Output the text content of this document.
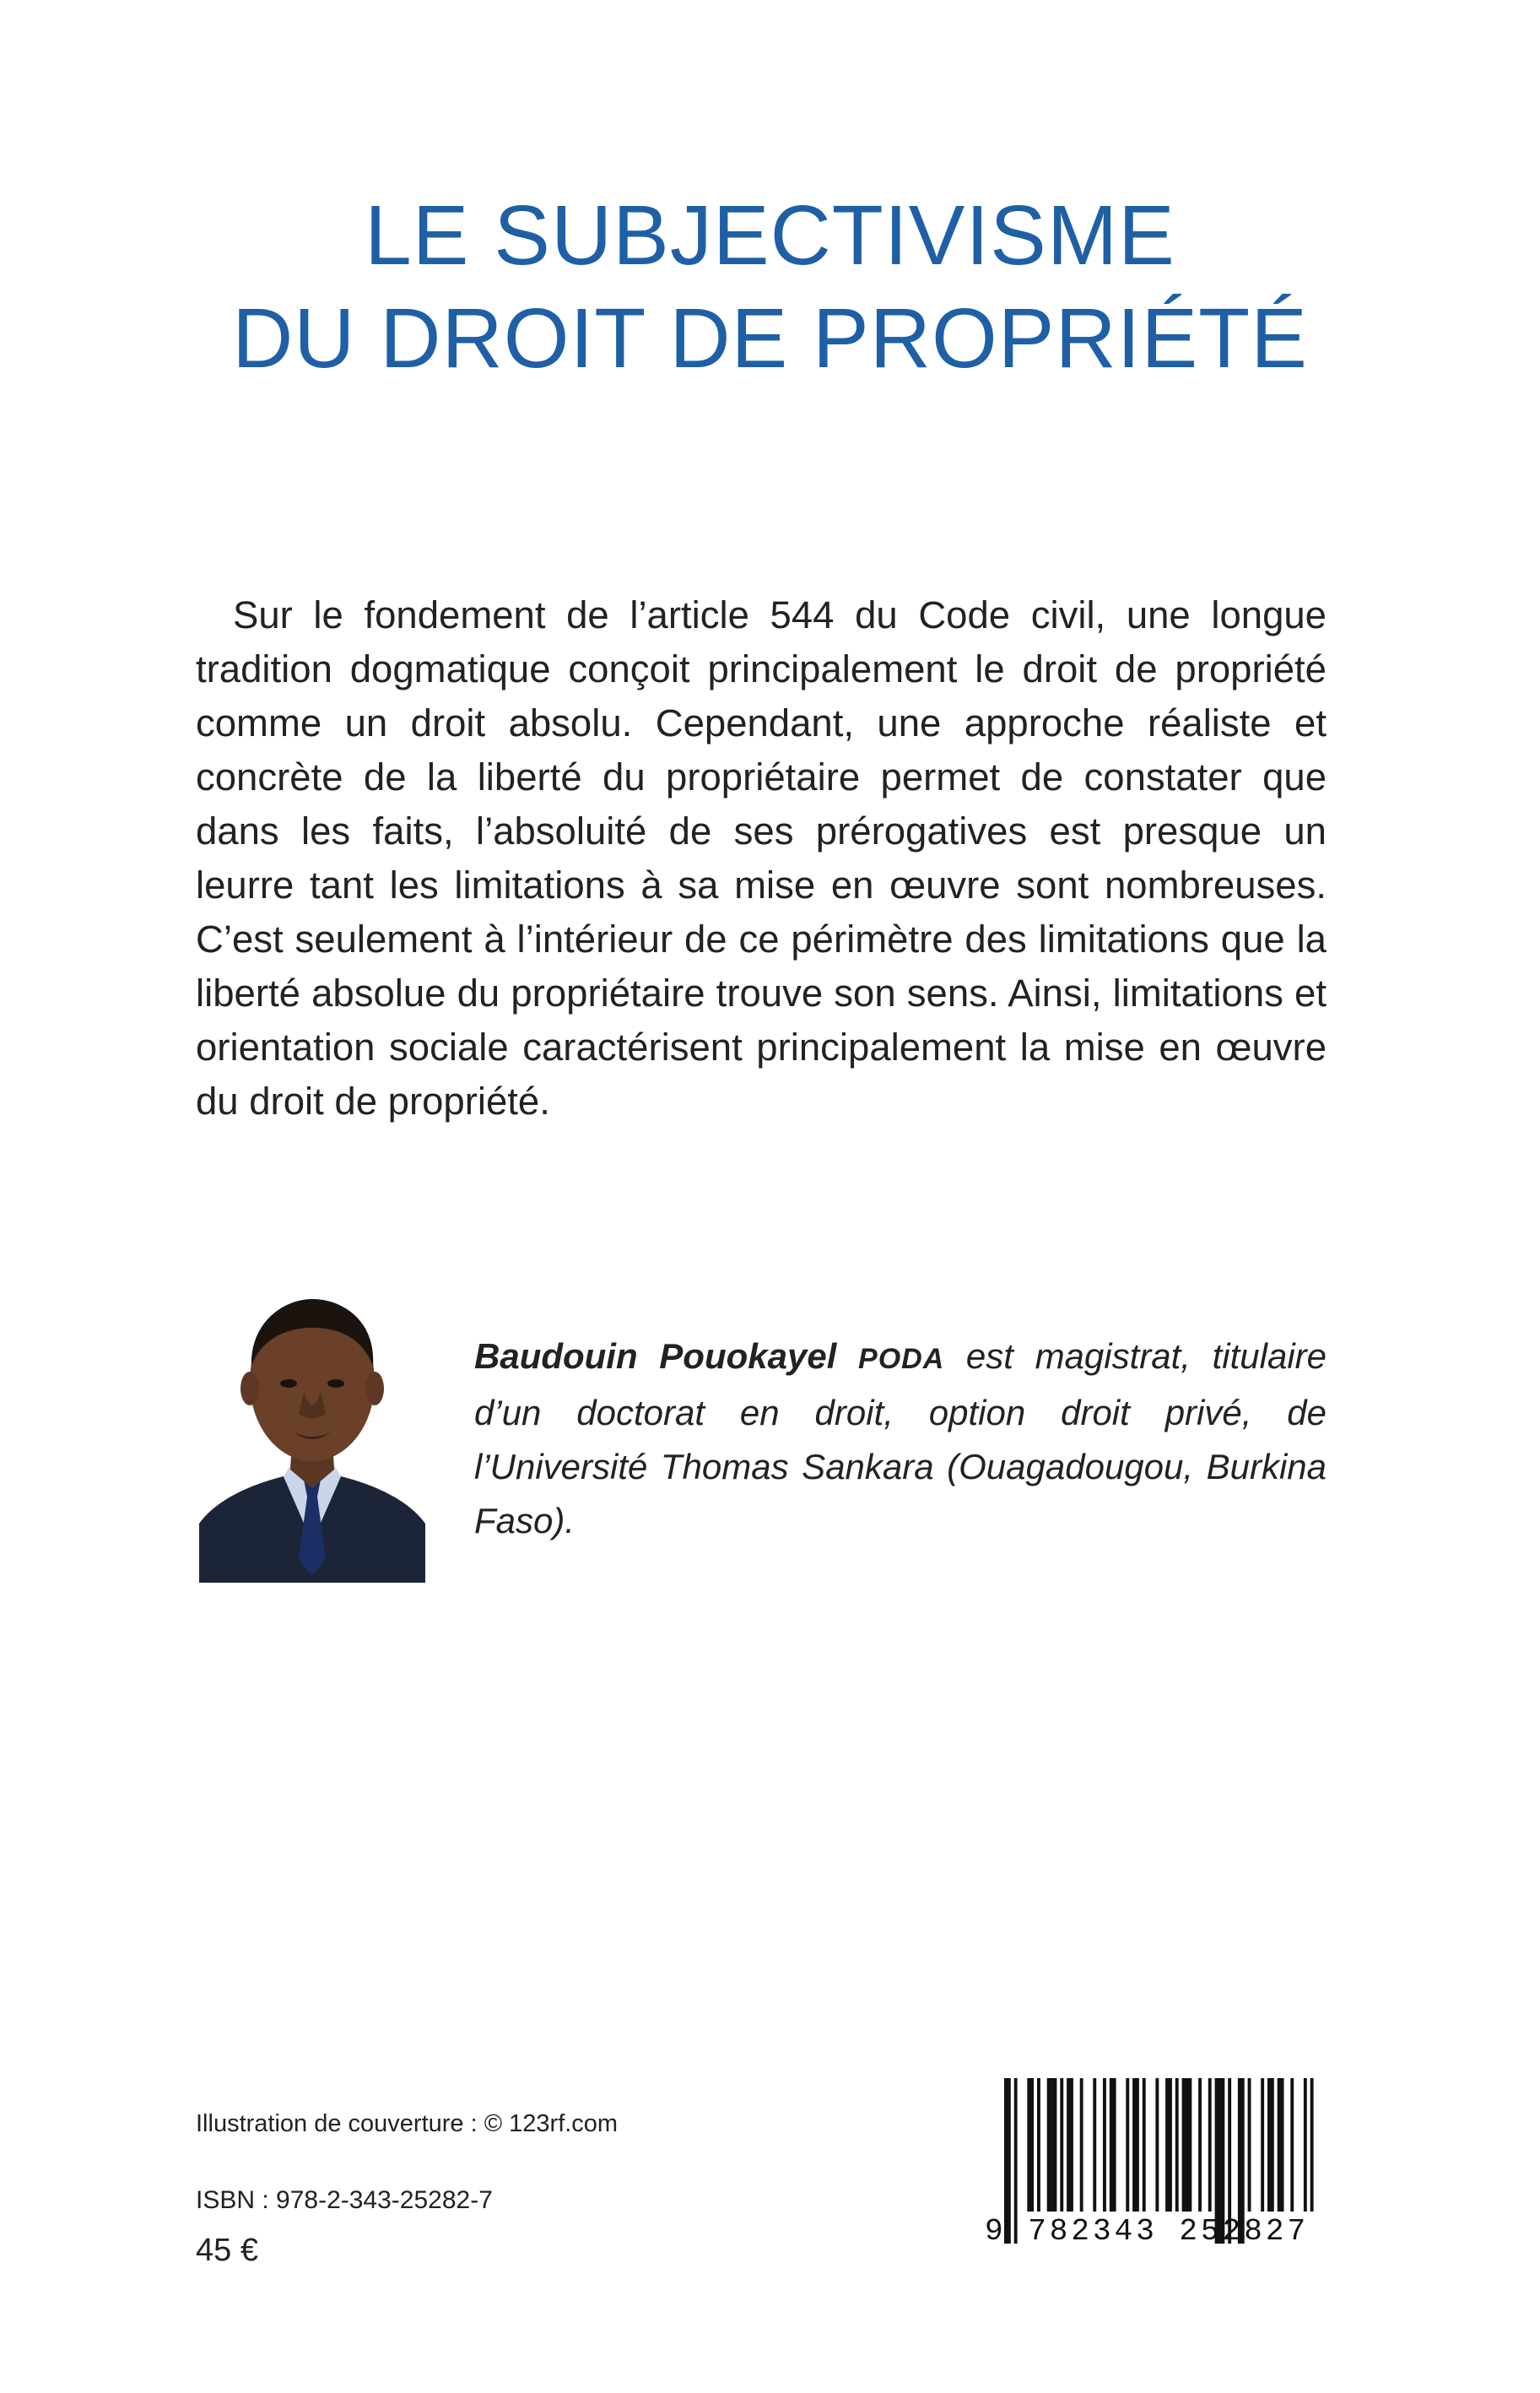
LE SUBJECTIVISME
DU DROIT DE PROPRIÉTÉ
Sur le fondement de l’article 544 du Code civil, une longue tradition dogmatique conçoit principalement le droit de propriété comme un droit absolu. Cependant, une approche réaliste et concrète de la liberté du propriétaire permet de constater que dans les faits, l’absoluité de ses prérogatives est presque un leurre tant les limitations à sa mise en œuvre sont nombreuses. C’est seulement à l’intérieur de ce périmètre des limitations que la liberté absolue du propriétaire trouve son sens. Ainsi, limitations et orientation sociale caractérisent principalement la mise en œuvre du droit de propriété.
Baudouin Pouokayel PODA est magistrat, titulaire d’un doctorat en droit, option droit privé, de l’Université Thomas Sankara (Ouagadougou, Burkina Faso).
Illustration de couverture : © 123rf.com
ISBN : 978-2-343-25282-7
45 €
9 782343 252827
